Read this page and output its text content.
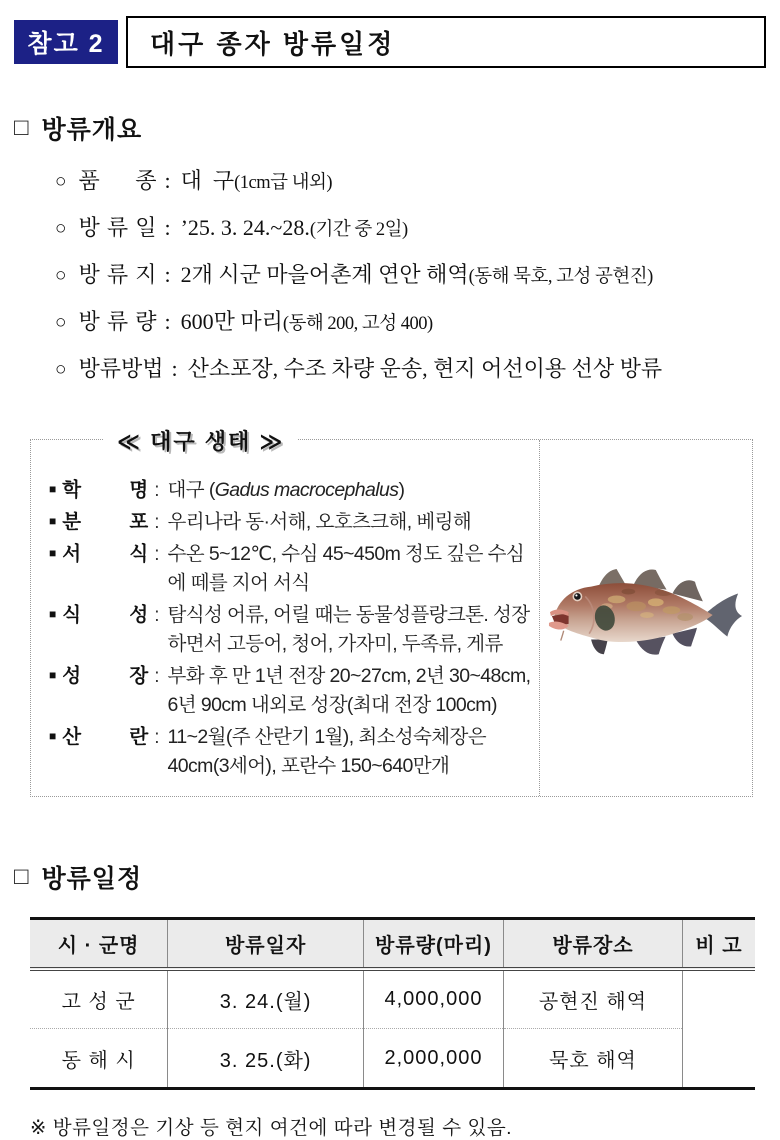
참고 2	대구 종자 방류일정
□ 방류개요
○ 품 종 : 대  구 (1cm급 내외)
○ 방 류 일 : ’25. 3. 24.~28. (기간 중 2일)
○ 방 류 지 : 2개 시군 마을어촌계 연안 해역 (동해 묵호, 고성 공현진)
○ 방 류 량 : 600만 마리 (동해 200, 고성 400)
○ 방류방법 : 산소포장, 수조 차량 운송, 현지 어선이용 선상 방류
≪ 대구 생태 ≫
■ 학 명 : 대구 (Gadus macrocephalus)
■ 분 포 : 우리나라 동·서해, 오호츠크해, 베링해
■ 서 식 : 수온 5~12℃, 수심 45~450m 정도 깊은 수심에 떼를 지어 서식
■ 식 성 : 탐식성 어류, 어릴 때는 동물성플랑크톤. 성장하면서 고등어, 청어, 가자미, 두족류, 게류
■ 성 장 : 부화 후 만 1년 전장 20~27cm, 2년 30~48cm, 6년 90cm 내외로 성장(최대 전장 100cm)
■ 산 란 : 11~2월(주 산란기 1월), 최소성숙체장은 40cm(3세어), 포란수 150~640만개
□ 방류일정
시 · 군명	방류일자	방류량(마리)	방류장소	비 고
고 성 군	3. 24.(월)	4,000,000	공현진 해역	
동 해 시	3. 25.(화)	2,000,000	묵호 해역	
※ 방류일정은 기상 등 현지 여건에 따라 변경될 수 있음.
